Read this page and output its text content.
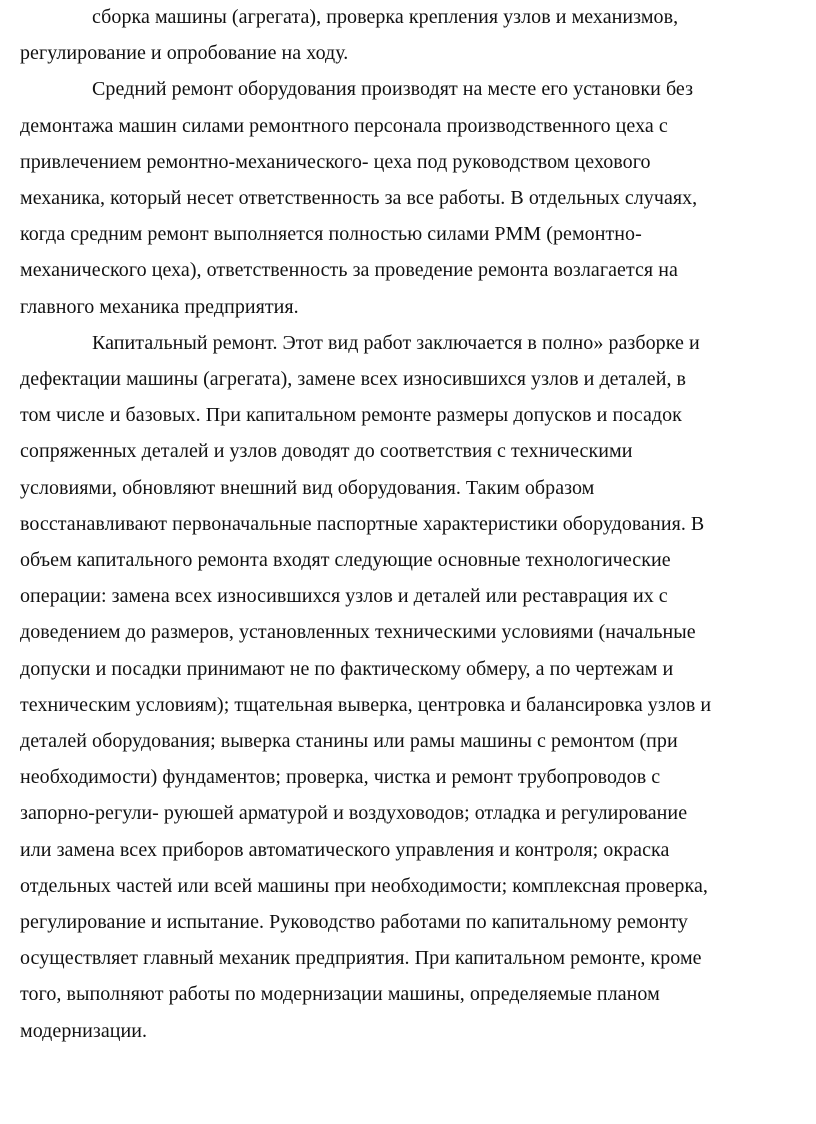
сборка машины (агрегата), проверка крепления узлов и механизмов,
регулирование и опробование на ходу.
Средний ремонт оборудования производят на месте его установки без
демонтажа машин силами ремонтного персонала производственного цеха с
привлечением ремонтно-механического- цеха под руководством цехового
механика, который несет ответственность за все работы. В отдельных случаях,
когда средним ремонт выполняется полностью силами РММ (ремонтно-
механического цеха), ответственность за проведение ремонта возлагается на
главного механика предприятия.
Капитальный ремонт. Этот вид работ заключается в полно» разборке и
дефектации машины (агрегата), замене всех износившихся узлов и деталей, в
том числе и базовых. При капитальном ремонте размеры допусков и посадок
сопряженных деталей и узлов доводят до соответствия с техническими
условиями, обновляют внешний вид оборудования. Таким образом
восстанавливают первоначальные паспортные характеристики оборудования. В
объем капитального ремонта входят следующие основные технологические
операции: замена всех износившихся узлов и деталей или реставрация их с
доведением до размеров, установленных техническими условиями (начальные
допуски и посадки принимают не по фактическому обмеру, а по чертежам и
техническим условиям); тщательная выверка, центровка и балансировка узлов и
деталей оборудования; выверка станины или рамы машины с ремонтом (при
необходимости) фундаментов; проверка, чистка и ремонт трубопроводов с
запорно-регули- руюшей арматурой и воздуховодов; отладка и регулирование
или замена всех приборов автоматического управления и контроля; окраска
отдельных частей или всей машины при необходимости; комплексная проверка,
регулирование и испытание. Руководство работами по капитальному ремонту
осуществляет главный механик предприятия. При капитальном ремонте, кроме
того, выполняют работы по модернизации машины, определяемые планом
модернизации.
